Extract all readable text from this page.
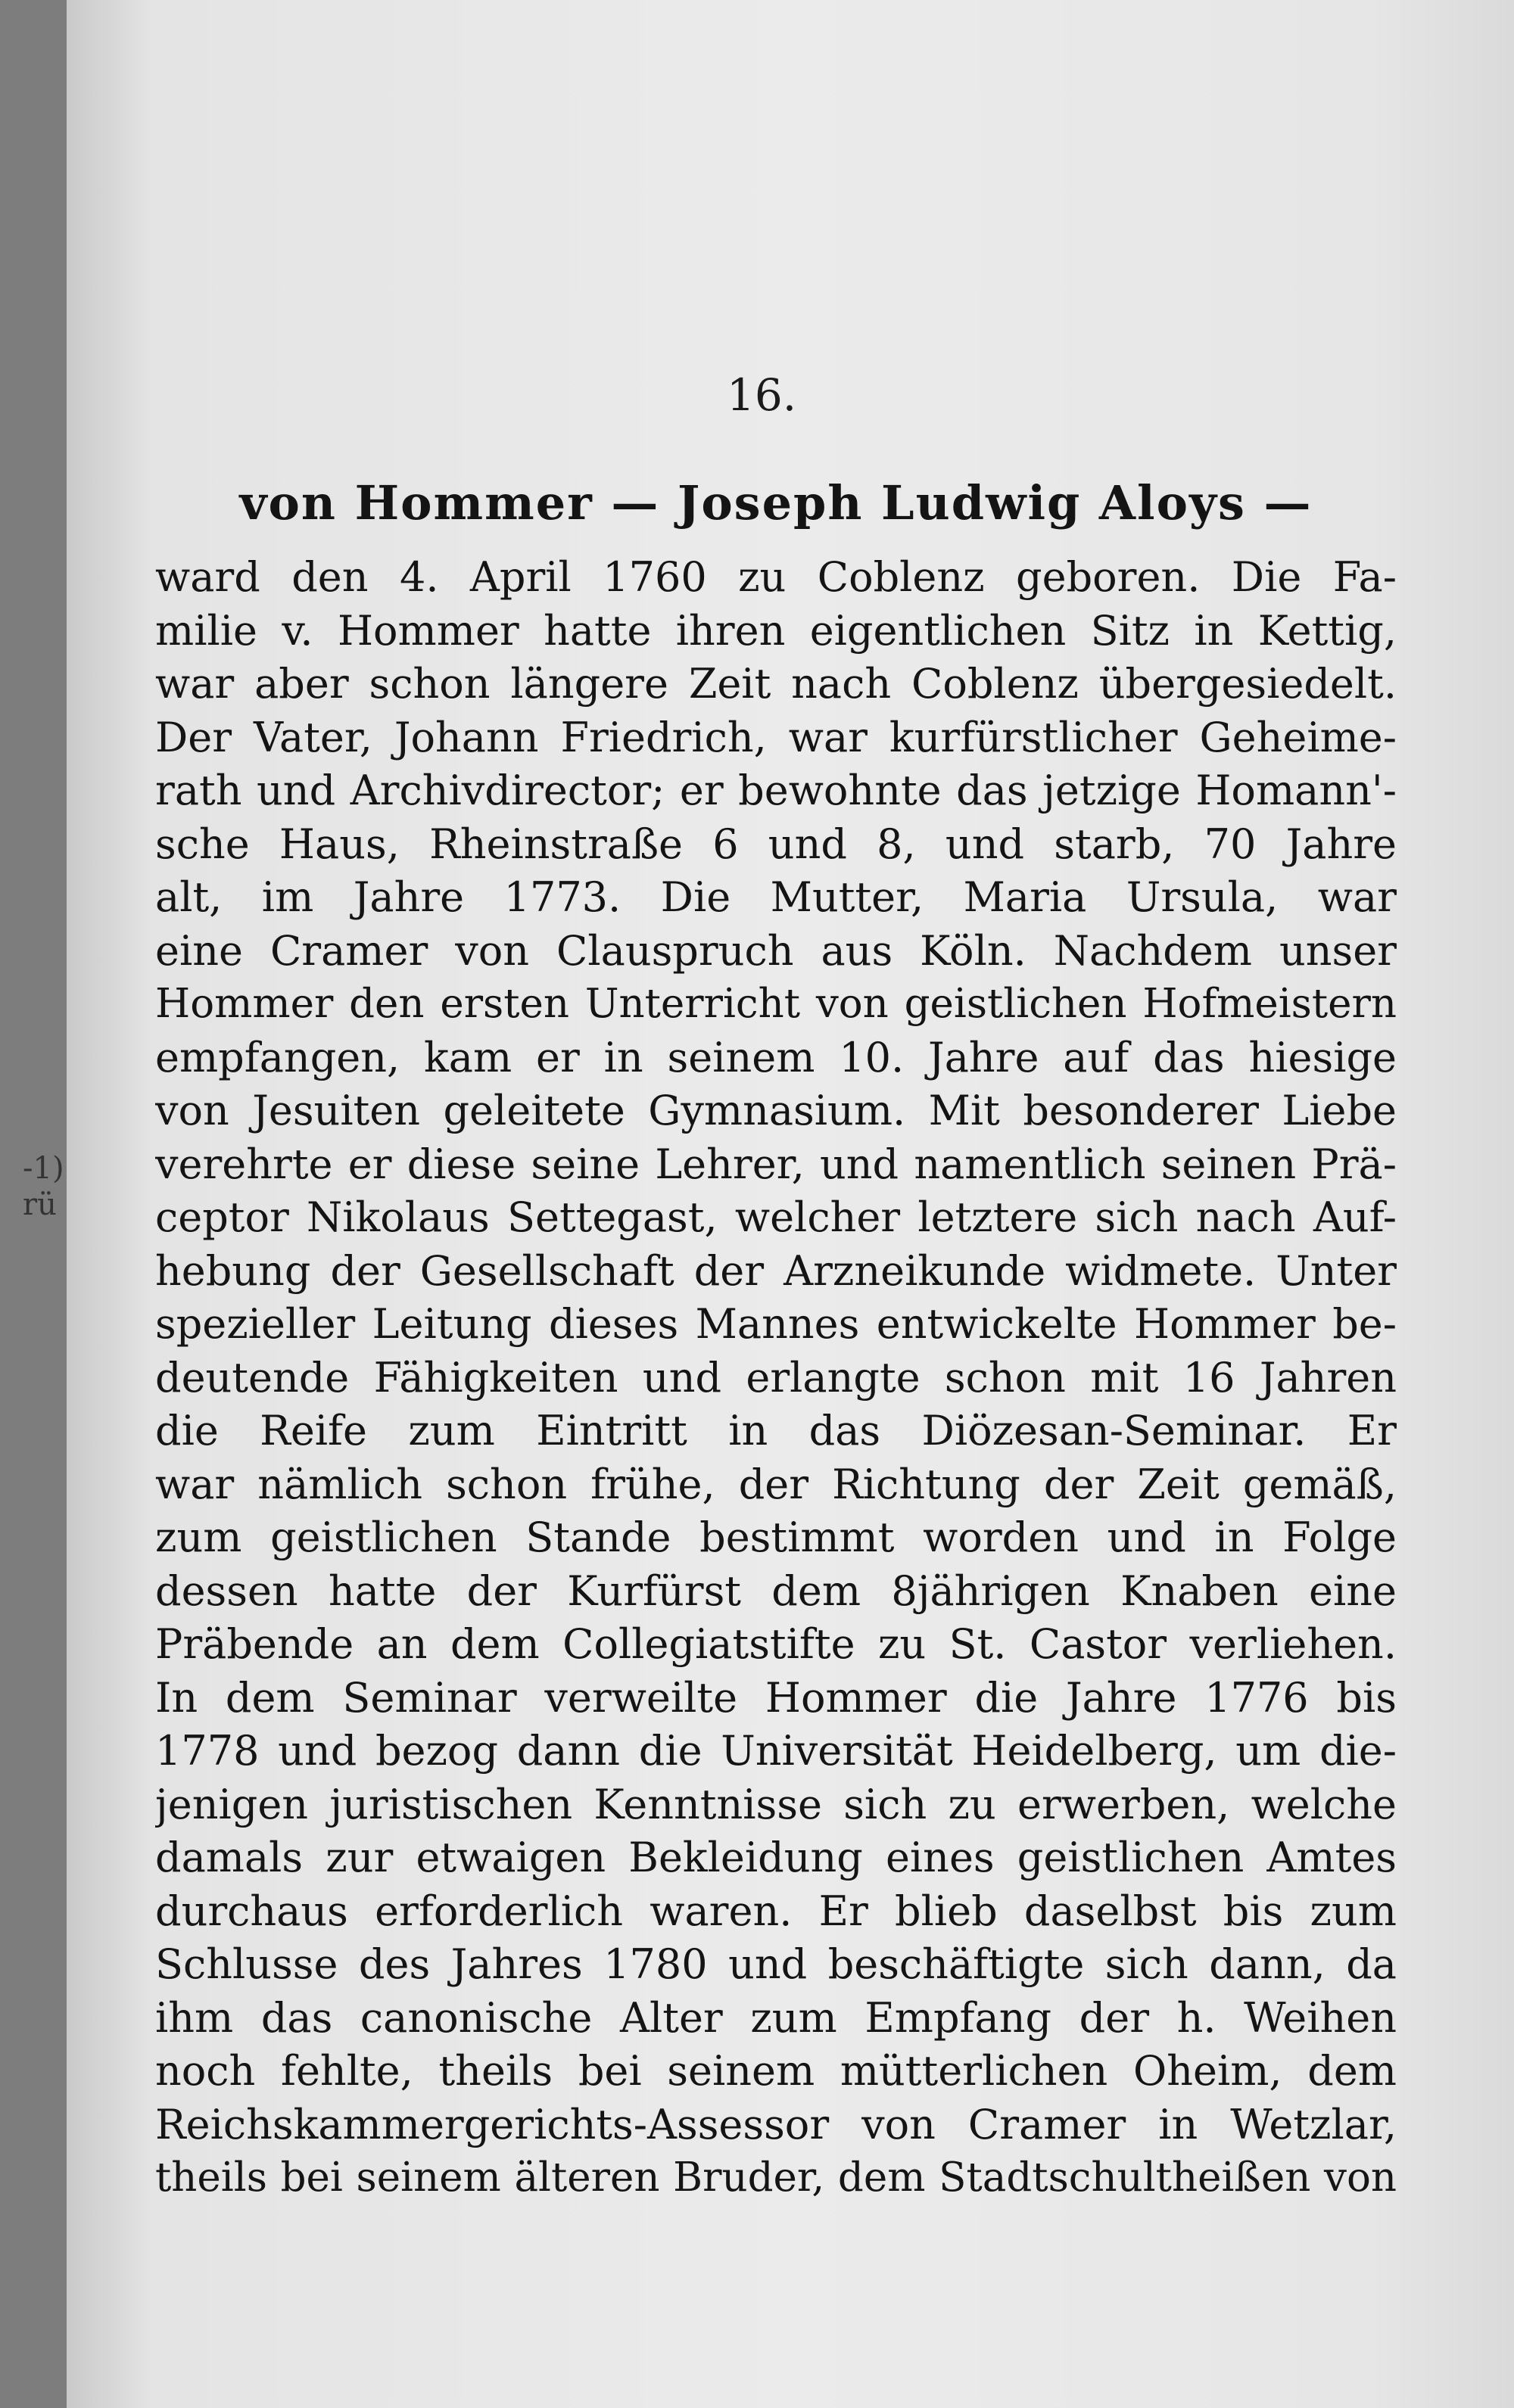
-1)
rü
16.
von Hommer — Joseph Ludwig Aloys —
ward den 4. April 1760 zu Coblenz geboren. Die Fa-
milie v. Hommer hatte ihren eigentlichen Sitz in Kettig,
war aber schon längere Zeit nach Coblenz übergesiedelt.
Der Vater, Johann Friedrich, war kurfürstlicher Geheime-
rath und Archivdirector; er bewohnte das jetzige Homann'-
sche Haus, Rheinstraße 6 und 8, und starb, 70 Jahre
alt, im Jahre 1773. Die Mutter, Maria Ursula, war
eine Cramer von Clauspruch aus Köln. Nachdem unser
Hommer den ersten Unterricht von geistlichen Hofmeistern
empfangen, kam er in seinem 10. Jahre auf das hiesige
von Jesuiten geleitete Gymnasium. Mit besonderer Liebe
verehrte er diese seine Lehrer, und namentlich seinen Prä-
ceptor Nikolaus Settegast, welcher letztere sich nach Auf-
hebung der Gesellschaft der Arzneikunde widmete. Unter
spezieller Leitung dieses Mannes entwickelte Hommer be-
deutende Fähigkeiten und erlangte schon mit 16 Jahren
die Reife zum Eintritt in das Diözesan-Seminar. Er
war nämlich schon frühe, der Richtung der Zeit gemäß,
zum geistlichen Stande bestimmt worden und in Folge
dessen hatte der Kurfürst dem 8jährigen Knaben eine
Präbende an dem Collegiatstifte zu St. Castor verliehen.
In dem Seminar verweilte Hommer die Jahre 1776 bis
1778 und bezog dann die Universität Heidelberg, um die-
jenigen juristischen Kenntnisse sich zu erwerben, welche
damals zur etwaigen Bekleidung eines geistlichen Amtes
durchaus erforderlich waren. Er blieb daselbst bis zum
Schlusse des Jahres 1780 und beschäftigte sich dann, da
ihm das canonische Alter zum Empfang der h. Weihen
noch fehlte, theils bei seinem mütterlichen Oheim, dem
Reichskammergerichts-Assessor von Cramer in Wetzlar,
theils bei seinem älteren Bruder, dem Stadtschultheißen von
